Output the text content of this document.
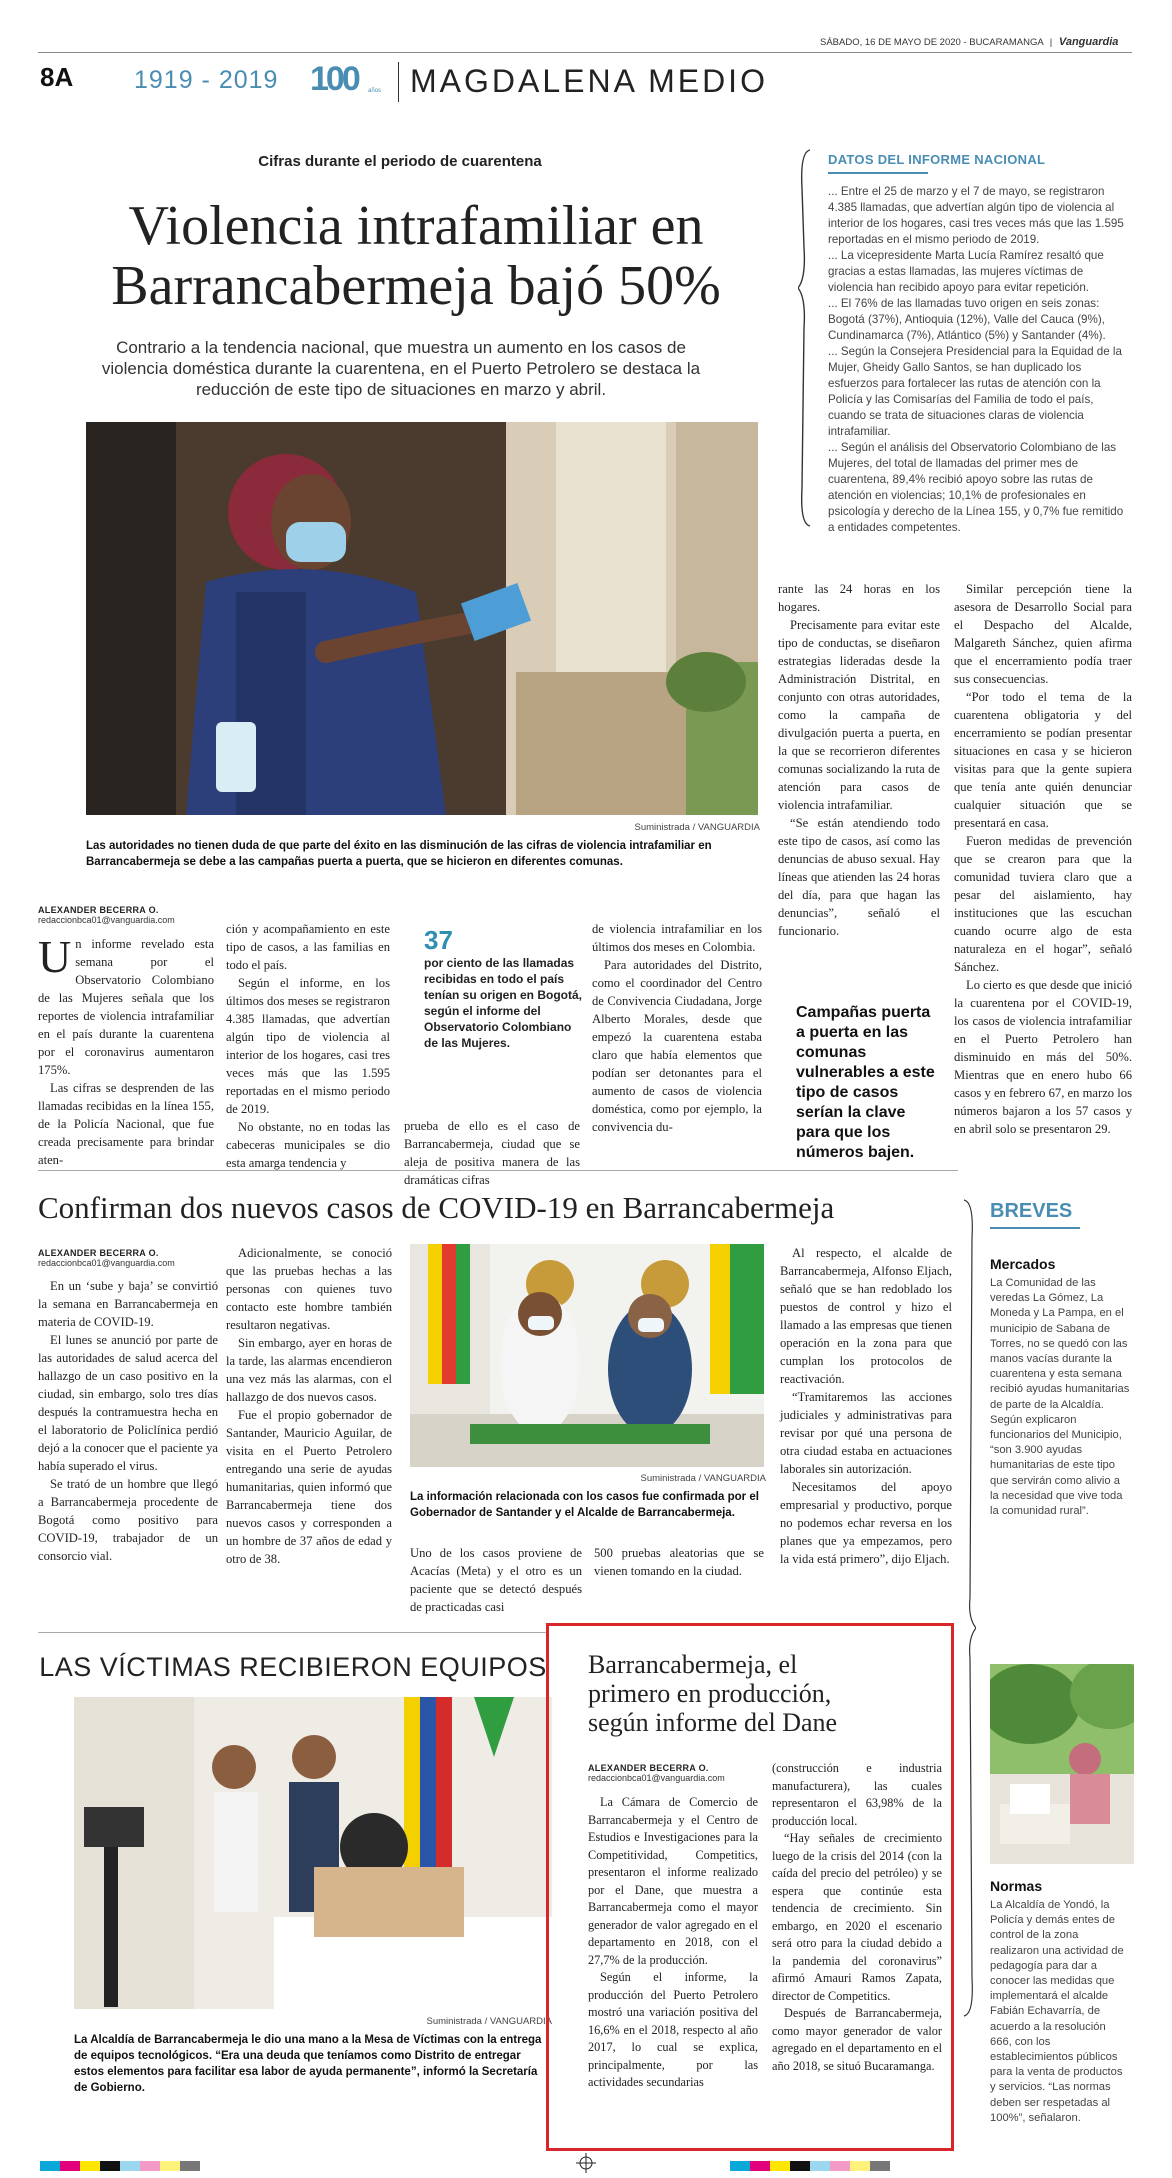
SÁBADO, 16 DE MAYO DE 2020 - BUCARAMANGA | Vanguardia
8A 1919 - 2019 100 años MAGDALENA MEDIO
Cifras durante el periodo de cuarentena
Violencia intrafamiliar en
Barrancabermeja bajó 50%
Contrario a la tendencia nacional, que muestra un aumento en los casos de violencia doméstica durante la cuarentena, en el Puerto Petrolero se destaca la reducción de este tipo de situaciones en marzo y abril.
Suministrada / VANGUARDIA
Las autoridades no tienen duda de que parte del éxito en las disminución de las cifras de violencia intrafamiliar en Barrancabermeja se debe a las campañas puerta a puerta, que se hicieron en diferentes comunas.
ALEXANDER BECERRA O.
redaccionbca01@vanguardia.com

Un informe revelado esta semana por el Observatorio Colombiano de las Mujeres señala que los reportes de violencia intrafamiliar en el país durante la cuarentena por el coronavirus aumentaron 175%.

Las cifras se desprenden de las llamadas recibidas en la línea 155, de la Policía Nacional, que fue creada precisamente para brindar aten-

ción y acompañamiento en este tipo de casos, a las familias en todo el país.

Según el informe, en los últimos dos meses se registraron 4.385 llamadas, que advertían algún tipo de violencia al interior de los hogares, casi tres veces más que las 1.595 reportadas en el mismo periodo de 2019.

No obstante, no en todas las cabeceras municipales se dio esta amarga tendencia y

37
por ciento de las llamadas recibidas en todo el país tenían su origen en Bogotá, según el informe del Observatorio Colombiano de las Mujeres.

prueba de ello es el caso de Barrancabermeja, ciudad que se aleja de positiva manera de las dramáticas cifras

de violencia intrafamiliar en los últimos dos meses en Colombia.

Para autoridades del Distrito, como el coordinador del Centro de Convivencia Ciudadana, Jorge Alberto Morales, desde que empezó la cuarentena estaba claro que había elementos que podían ser detonantes para el aumento de casos de violencia doméstica, como por ejemplo, la convivencia du-

rante las 24 horas en los hogares.

Precisamente para evitar este tipo de conductas, se diseñaron estrategias lideradas desde la Administración Distrital, en conjunto con otras autoridades, como la campaña de divulgación puerta a puerta, en la que se recorrieron diferentes comunas socializando la ruta de atención para casos de violencia intrafamiliar.

“Se están atendiendo todo este tipo de casos, así como las denuncias de abuso sexual. Hay líneas que atienden las 24 horas del día, para que hagan las denuncias”, señaló el funcionario.

Campañas puerta a puerta en las comunas vulnerables a este tipo de casos serían la clave para que los números bajen.

Similar percepción tiene la asesora de Desarrollo Social para el Despacho del Alcalde, Malgareth Sánchez, quien afirma que el encerramiento podía traer sus consecuencias.

“Por todo el tema de la cuarentena obligatoria y del encerramiento se podían presentar situaciones en casa y se hicieron visitas para que la gente supiera que tenía ante quién denunciar cualquier situación que se presentará en casa.

Fueron medidas de prevención que se crearon para que la comunidad tuviera claro que a pesar del aislamiento, hay instituciones que las escuchan cuando ocurre algo de esta naturaleza en el hogar”, señaló Sánchez.

Lo cierto es que desde que inició la cuarentena por el COVID-19, los casos de violencia intrafamiliar en el Puerto Petrolero han disminuido en más del 50%. Mientras que en enero hubo 66 casos y en febrero 67, en marzo los números bajaron a los 57 casos y en abril solo se presentaron 29.

DATOS DEL INFORME NACIONAL

... Entre el 25 de marzo y el 7 de mayo, se registraron 4.385 llamadas, que advertían algún tipo de violencia al interior de los hogares, casi tres veces más que las 1.595 reportadas en el mismo periodo de 2019.

... La vicepresidente Marta Lucía Ramírez resaltó que gracias a estas llamadas, las mujeres víctimas de violencia han recibido apoyo para evitar repetición.

... El 76% de las llamadas tuvo origen en seis zonas: Bogotá (37%), Antioquia (12%), Valle del Cauca (9%), Cundinamarca (7%), Atlántico (5%) y Santander (4%).

... Según la Consejera Presidencial para la Equidad de la Mujer, Gheidy Gallo Santos, se han duplicado los esfuerzos para fortalecer las rutas de atención con la Policía y las Comisarías del Familia de todo el país, cuando se trata de situaciones claras de violencia intrafamiliar.

... Según el análisis del Observatorio Colombiano de las Mujeres, del total de llamadas del primer mes de cuarentena, 89,4% recibió apoyo sobre las rutas de atención en violencias; 10,1% de profesionales en psicología y derecho de la Línea 155, y 0,7% fue remitido a entidades competentes.

Confirman dos nuevos casos de COVID-19 en Barrancabermeja
ALEXANDER BECERRA O.
redaccionbca01@vanguardia.com

En un ‘sube y baja’ se convirtió la semana en Barrancabermeja en materia de COVID-19.

El lunes se anunció por parte de las autoridades de salud acerca del hallazgo de un caso positivo en la ciudad, sin embargo, solo tres días después la contramuestra hecha en el laboratorio de Policlínica perdió dejó a la conocer que el paciente ya había superado el virus.

Se trató de un hombre que llegó a Barrancabermeja procedente de Bogotá como positivo para COVID-19, trabajador de un consorcio vial.

Adicionalmente, se conoció que las pruebas hechas a las personas con quienes tuvo contacto este hombre también resultaron negativas.

Sin embargo, ayer en horas de la tarde, las alarmas encendieron una vez más las alarmas, con el hallazgo de dos nuevos casos.

Fue el propio gobernador de Santander, Mauricio Aguilar, de visita en el Puerto Petrolero entregando una serie de ayudas humanitarias, quien informó que Barrancabermeja tiene dos nuevos casos y corresponden a un hombre de 37 años de edad y otro de 38.

Suministrada / VANGUARDIA
La información relacionada con los casos fue confirmada por el Gobernador de Santander y el Alcalde de Barrancabermeja.

Uno de los casos proviene de Acacías (Meta) y el otro es un paciente que se detectó después de practicadas casi

500 pruebas aleatorias que se vienen tomando en la ciudad.

Al respecto, el alcalde de Barrancabermeja, Alfonso Eljach, señaló que se han redoblado los puestos de control y hizo el llamado a las empresas que tienen operación en la zona para que cumplan los protocolos de reactivación.

“Tramitaremos las acciones judiciales y administrativas para revisar por qué una persona de otra ciudad estaba en actuaciones laborales sin autorización.

Necesitamos del apoyo empresarial y productivo, porque no podemos echar reversa en los planes que ya empezamos, pero la vida está primero”, dijo Eljach.

BREVES
Mercados
La Comunidad de las veredas La Gómez, La Moneda y La Pampa, en el municipio de Sabana de Torres, no se quedó con las manos vacías durante la cuarentena y esta semana recibió ayudas humanitarias de parte de la Alcaldía. Según explicaron funcionarios del Municipio, “son 3.900 ayudas humanitarias de este tipo que servirán como alivio a la necesidad que vive toda la comunidad rural”.
Normas
La Alcaldía de Yondó, la Policía y demás entes de control de la zona realizaron una actividad de pedagogía para dar a conocer las medidas que implementará el alcalde Fabián Echavarría, de acuerdo a la resolución 666, con los establecimientos públicos para la venta de productos y servicios. “Las normas deben ser respetadas al 100%”, señalaron.
LAS VÍCTIMAS RECIBIERON EQUIPOS
Suministrada / VANGUARDIA
La Alcaldía de Barrancabermeja le dio una mano a la Mesa de Víctimas con la entrega de equipos tecnológicos. “Era una deuda que teníamos como Distrito de entregar estos elementos para facilitar esa labor de ayuda permanente”, informó la Secretaría de Gobierno.
Barrancabermeja, el
primero en producción,
según informe del Dane
ALEXANDER BECERRA O.
redaccionbca01@vanguardia.com

La Cámara de Comercio de Barrancabermeja y el Centro de Estudios e Investigaciones para la Competitividad, Competitics, presentaron el informe realizado por el Dane, que muestra a Barrancabermeja como el mayor generador de valor agregado en el departamento en 2018, con el 27,7% de la producción.

Según el informe, la producción del Puerto Petrolero mostró una variación positiva del 16,6% en el 2018, respecto al año 2017, lo cual se explica, principalmente, por las actividades secundarias

(construcción e industria manufacturera), las cuales representaron el 63,98% de la producción local.

“Hay señales de crecimiento luego de la crisis del 2014 (con la caída del precio del petróleo) y se espera que continúe esta tendencia de crecimiento. Sin embargo, en 2020 el escenario será otro para la ciudad debido a la pandemia del coronavirus” afirmó Amauri Ramos Zapata, director de Competitics.

Después de Barrancabermeja, como mayor generador de valor agregado en el departamento en el año 2018, se situó Bucaramanga.
